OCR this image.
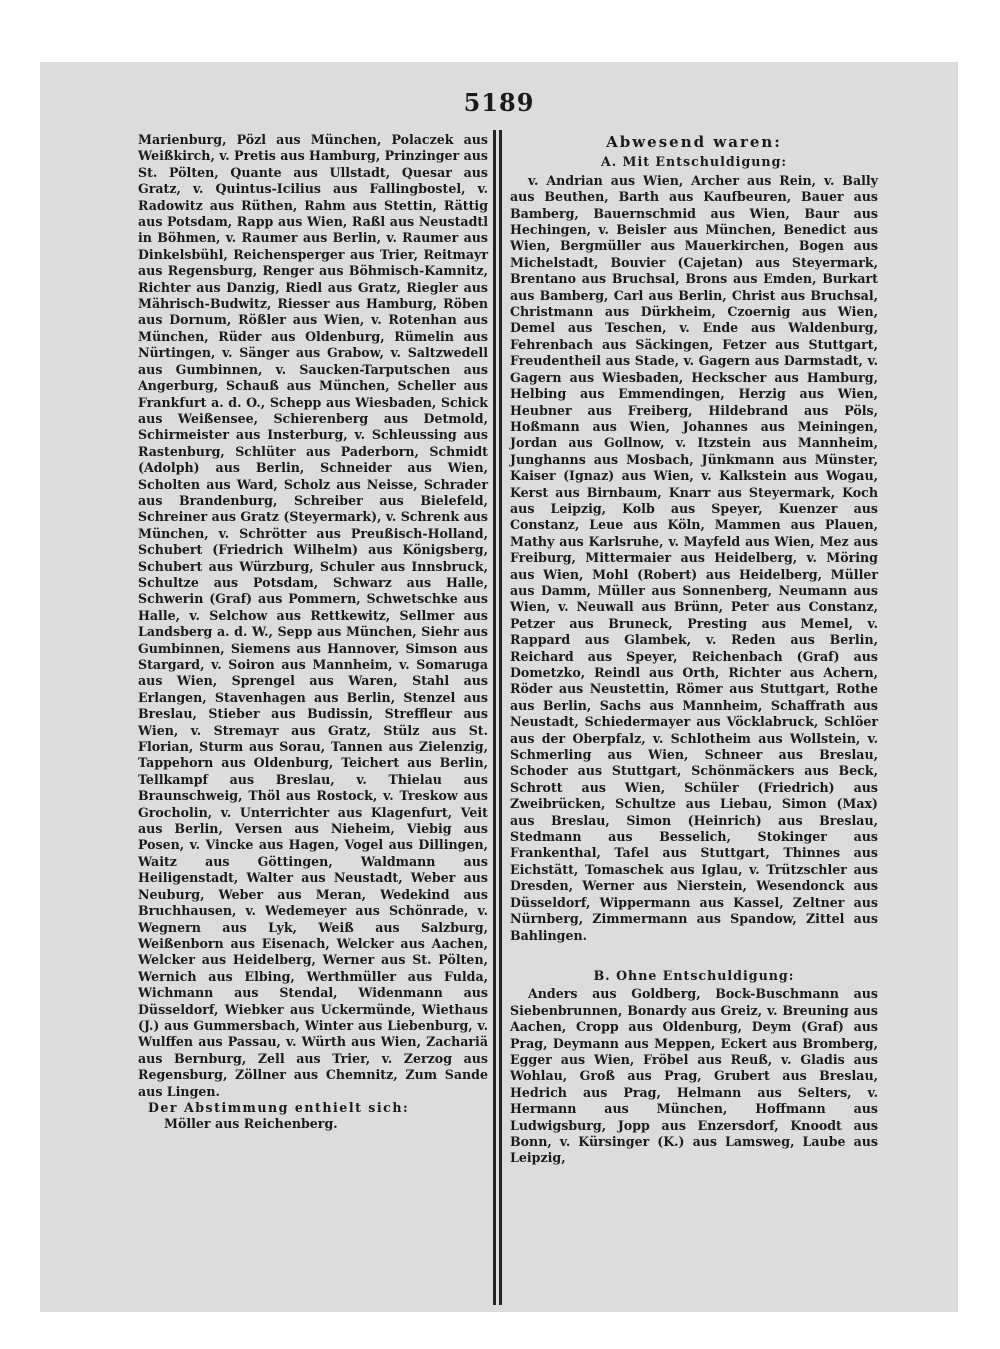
5189

Marienburg, Pözl aus München, Polaczek aus Weißkirch, v. Pretis aus Hamburg, Prinzinger aus St. Pölten, Quante aus Ullstadt, Quesar aus Gratz, v. Quintus-Icilius aus Fallingbostel, v. Radowitz aus Rüthen, Rahm aus Stettin, Rättig aus Potsdam, Rapp aus Wien, Raßl aus Neustadtl in Böhmen, v. Raumer aus Berlin, v. Raumer aus Dinkelsbühl, Reichensperger aus Trier, Reitmayr aus Regensburg, Renger aus Böhmisch-Kamnitz, Richter aus Danzig, Riedl aus Gratz, Riegler aus Mährisch-Budwitz, Riesser aus Hamburg, Röben aus Dornum, Rößler aus Wien, v. Rotenhan aus München, Rüder aus Oldenburg, Rümelin aus Nürtingen, v. Sänger aus Grabow, v. Saltzwedell aus Gumbinnen, v. Saucken-Tarputschen aus Angerburg, Schauß aus München, Scheller aus Frankfurt a. d. O., Schepp aus Wiesbaden, Schick aus Weißensee, Schierenberg aus Detmold, Schirmeister aus Insterburg, v. Schleussing aus Rastenburg, Schlüter aus Paderborn, Schmidt (Adolph) aus Berlin, Schneider aus Wien, Scholten aus Ward, Scholz aus Neisse, Schrader aus Brandenburg, Schreiber aus Bielefeld, Schreiner aus Gratz (Steyermark), v. Schrenk aus München, v. Schrötter aus Preußisch-Holland, Schubert (Friedrich Wilhelm) aus Königsberg, Schubert aus Würzburg, Schuler aus Innsbruck, Schultze aus Potsdam, Schwarz aus Halle, Schwerin (Graf) aus Pommern, Schwetschke aus Halle, v. Selchow aus Rettkewitz, Sellmer aus Landsberg a. d. W., Sepp aus München, Siehr aus Gumbinnen, Siemens aus Hannover, Simson aus Stargard, v. Soiron aus Mannheim, v. Somaruga aus Wien, Sprengel aus Waren, Stahl aus Erlangen, Stavenhagen aus Berlin, Stenzel aus Breslau, Stieber aus Budissin, Streffleur aus Wien, v. Stremayr aus Gratz, Stülz aus St. Florian, Sturm aus Sorau, Tannen aus Zielenzig, Tappehorn aus Oldenburg, Teichert aus Berlin, Tellkampf aus Breslau, v. Thielau aus Braunschweig, Thöl aus Rostock, v. Treskow aus Grocholin, v. Unterrichter aus Klagenfurt, Veit aus Berlin, Versen aus Nieheim, Viebig aus Posen, v. Vincke aus Hagen, Vogel aus Dillingen, Waitz aus Göttingen, Waldmann aus Heiligenstadt, Walter aus Neustadt, Weber aus Neuburg, Weber aus Meran, Wedekind aus Bruchhausen, v. Wedemeyer aus Schönrade, v. Wegnern aus Lyk, Weiß aus Salzburg, Weißenborn aus Eisenach, Welcker aus Aachen, Welcker aus Heidelberg, Werner aus St. Pölten, Wernich aus Elbing, Werthmüller aus Fulda, Wichmann aus Stendal, Widenmann aus Düsseldorf, Wiebker aus Uckermünde, Wiethaus (J.) aus Gummersbach, Winter aus Liebenburg, v. Wulffen aus Passau, v. Würth aus Wien, Zachariä aus Bernburg, Zell aus Trier, v. Zerzog aus Regensburg, Zöllner aus Chemnitz, Zum Sande aus Lingen.

Der Abstimmung enthielt sich:

Möller aus Reichenberg.

Abwesend waren:
A. Mit Entschuldigung:

v. Andrian aus Wien, Archer aus Rein, v. Bally aus Beuthen, Barth aus Kaufbeuren, Bauer aus Bamberg, Bauernschmid aus Wien, Baur aus Hechingen, v. Beisler aus München, Benedict aus Wien, Bergmüller aus Mauerkirchen, Bogen aus Michelstadt, Bouvier (Cajetan) aus Steyermark, Brentano aus Bruchsal, Brons aus Emden, Burkart aus Bamberg, Carl aus Berlin, Christ aus Bruchsal, Christmann aus Dürkheim, Czoernig aus Wien, Demel aus Teschen, v. Ende aus Waldenburg, Fehrenbach aus Säckingen, Fetzer aus Stuttgart, Freudentheil aus Stade, v. Gagern aus Darmstadt, v. Gagern aus Wiesbaden, Heckscher aus Hamburg, Helbing aus Emmendingen, Herzig aus Wien, Heubner aus Freiberg, Hildebrand aus Pöls, Hoßmann aus Wien, Johannes aus Meiningen, Jordan aus Gollnow, v. Itzstein aus Mannheim, Junghanns aus Mosbach, Jünkmann aus Münster, Kaiser (Ignaz) aus Wien, v. Kalkstein aus Wogau, Kerst aus Birnbaum, Knarr aus Steyermark, Koch aus Leipzig, Kolb aus Speyer, Kuenzer aus Constanz, Leue aus Köln, Mammen aus Plauen, Mathy aus Karlsruhe, v. Mayfeld aus Wien, Mez aus Freiburg, Mittermaier aus Heidelberg, v. Möring aus Wien, Mohl (Robert) aus Heidelberg, Müller aus Damm, Müller aus Sonnenberg, Neumann aus Wien, v. Neuwall aus Brünn, Peter aus Constanz, Petzer aus Bruneck, Presting aus Memel, v. Rappard aus Glambek, v. Reden aus Berlin, Reichard aus Speyer, Reichenbach (Graf) aus Dometzko, Reindl aus Orth, Richter aus Achern, Röder aus Neustettin, Römer aus Stuttgart, Rothe aus Berlin, Sachs aus Mannheim, Schaffrath aus Neustadt, Schiedermayer aus Vöcklabruck, Schlöer aus der Oberpfalz, v. Schlotheim aus Wollstein, v. Schmerling aus Wien, Schneer aus Breslau, Schoder aus Stuttgart, Schönmäckers aus Beck, Schrott aus Wien, Schüler (Friedrich) aus Zweibrücken, Schultze aus Liebau, Simon (Max) aus Breslau, Simon (Heinrich) aus Breslau, Stedmann aus Besselich, Stokinger aus Frankenthal, Tafel aus Stuttgart, Thinnes aus Eichstätt, Tomaschek aus Iglau, v. Trützschler aus Dresden, Werner aus Nierstein, Wesendonck aus Düsseldorf, Wippermann aus Kassel, Zeltner aus Nürnberg, Zimmermann aus Spandow, Zittel aus Bahlingen.

B. Ohne Entschuldigung:

Anders aus Goldberg, Bock-Buschmann aus Siebenbrunnen, Bonardy aus Greiz, v. Breuning aus Aachen, Cropp aus Oldenburg, Deym (Graf) aus Prag, Deymann aus Meppen, Eckert aus Bromberg, Egger aus Wien, Fröbel aus Reuß, v. Gladis aus Wohlau, Groß aus Prag, Grubert aus Breslau, Hedrich aus Prag, Helmann aus Selters, v. Hermann aus München, Hoffmann aus Ludwigsburg, Jopp aus Enzersdorf, Knoodt aus Bonn, v. Kürsinger (K.) aus Lamsweg, Laube aus Leipzig,
